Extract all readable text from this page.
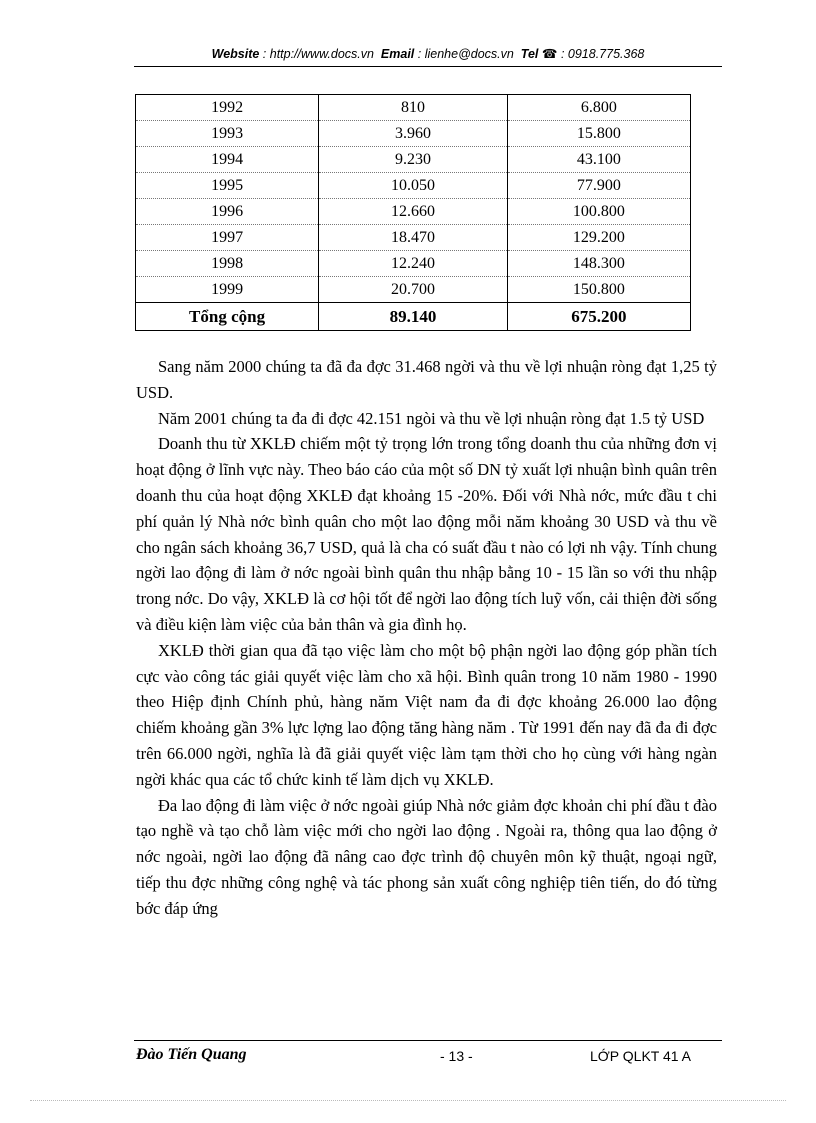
Website : http://www.docs.vn Email : lienhe@docs.vn Tel ☎ : 0918.775.368
1992	810	6.800
1993	3.960	15.800
1994	9.230	43.100
1995	10.050	77.900
1996	12.660	100.800
1997	18.470	129.200
1998	12.240	148.300
1999	20.700	150.800
Tổng cộng	89.140	675.200

Sang năm 2000 chúng ta đã đa đợc 31.468 ngời và thu về lợi nhuận ròng đạt 1,25 tỷ USD.

Năm 2001 chúng ta đa đi đợc 42.151 ngòi và thu về lợi nhuận ròng đạt 1.5 tỷ USD

Doanh thu từ XKLĐ chiếm một tỷ trọng lớn trong tổng doanh thu của những đơn vị hoạt động ở lĩnh vực này. Theo báo cáo của một số DN tỷ xuất lợi nhuận bình quân trên doanh thu của hoạt động XKLĐ đạt khoảng 15 -20%. Đối với Nhà nớc, mức đầu t chi phí quản lý Nhà nớc bình quân cho một lao động mỗi năm khoảng 30 USD và thu về cho ngân sách khoảng 36,7 USD, quả là cha có suất đầu t nào có lợi nh vậy. Tính chung ngời lao động đi làm ở nớc ngoài bình quân thu nhập bằng 10 - 15 lần so với thu nhập trong nớc. Do vậy, XKLĐ là cơ hội tốt để ngời lao động tích luỹ vốn, cải thiện đời sống và điều kiện làm việc của bản thân và gia đình họ.

XKLĐ thời gian qua đã tạo việc làm cho một bộ phận ngời lao động góp phần tích cực vào công tác giải quyết việc làm cho xã hội. Bình quân trong 10 năm 1980 - 1990 theo Hiệp định Chính phủ, hàng năm Việt nam đa đi đợc khoảng 26.000 lao động chiếm khoảng gần 3% lực lợng lao động tăng hàng năm . Từ 1991 đến nay đã đa đi đợc trên 66.000 ngời, nghĩa là đã giải quyết việc làm tạm thời cho họ cùng với hàng ngàn ngời khác qua các tổ chức kinh tế làm dịch vụ XKLĐ.

Đa lao động đi làm việc ở nớc ngoài giúp Nhà nớc giảm đợc khoản chi phí đầu t đào tạo nghề và tạo chỗ làm việc mới cho ngời lao động . Ngoài ra, thông qua lao động ở nớc ngoài, ngời lao động đã nâng cao đợc trình độ chuyên môn kỹ thuật, ngoại ngữ, tiếp thu đợc những công nghệ và tác phong sản xuất công nghiệp tiên tiến, do đó từng bớc đáp ứng

Đào Tiến Quang	- 13 -	LỚP QLKT 41 A
